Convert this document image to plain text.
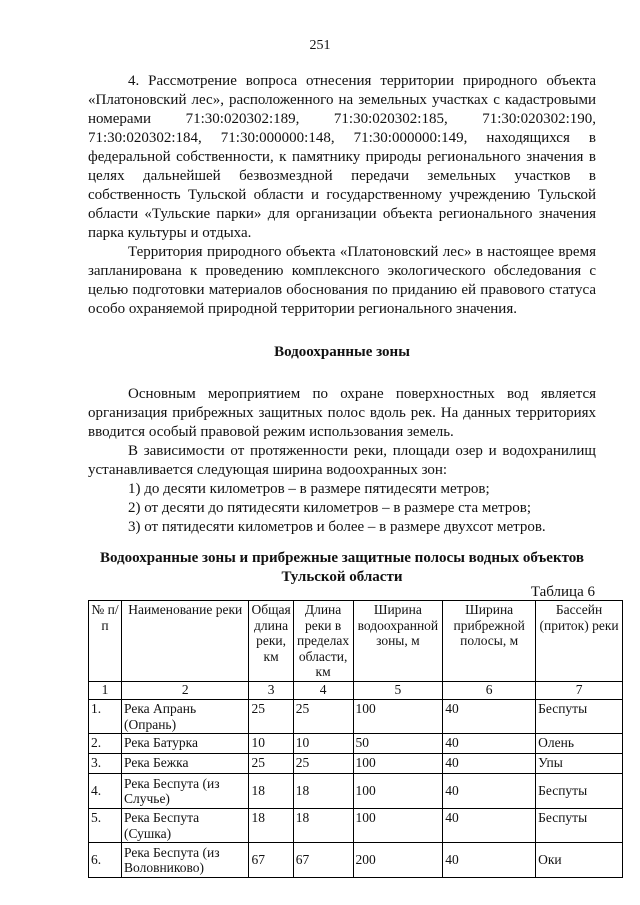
251

4. Рассмотрение вопроса отнесения территории природного объекта «Платоновский лес», расположенного на земельных участках с кадастровыми номерами 71:30:020302:189, 71:30:020302:185, 71:30:020302:190, 71:30:020302:184, 71:30:000000:148, 71:30:000000:149, находящихся в федеральной собственности, к памятнику природы регионального значения в целях дальнейшей безвозмездной передачи земельных участков в собственность Тульской области и государственному учреждению Тульской области «Тульские парки» для организации объекта регионального значения парка культуры и отдыха.

Территория природного объекта «Платоновский лес» в настоящее время запланирована к проведению комплексного экологического обследования с целью подготовки материалов обоснования по приданию ей правового статуса особо охраняемой природной территории регионального значения.

Водоохранные зоны

Основным мероприятием по охране поверхностных вод является организация прибрежных защитных полос вдоль рек. На данных территориях вводится особый правовой режим использования земель.

В зависимости от протяженности реки, площади озер и водохранилищ устанавливается следующая ширина водоохранных зон:

1) до десяти километров – в размере пятидесяти метров;

2) от десяти до пятидесяти километров – в размере ста метров;

3) от пятидесяти километров и более – в размере двухсот метров.

Водоохранные зоны и прибрежные защитные полосы водных объектов Тульской области
Таблица 6
№ п/п	Наименование реки	Общая длина реки, км	Длина реки в пределах области, км	Ширина водоохранной зоны, м	Ширина прибрежной полосы, м	Бассейн (приток) реки
1	2	3	4	5	6	7
1.	Река Апрань (Опрань)	25	25	100	40	Беспуты
2.	Река Батурка	10	10	50	40	Олень
3.	Река Бежка	25	25	100	40	Упы
4.	Река Беспута (из Случье)	18	18	100	40	Беспуты
5.	Река Беспута (Сушка)	18	18	100	40	Беспуты
6.	Река Беспута (из Воловниково)	67	67	200	40	Оки
